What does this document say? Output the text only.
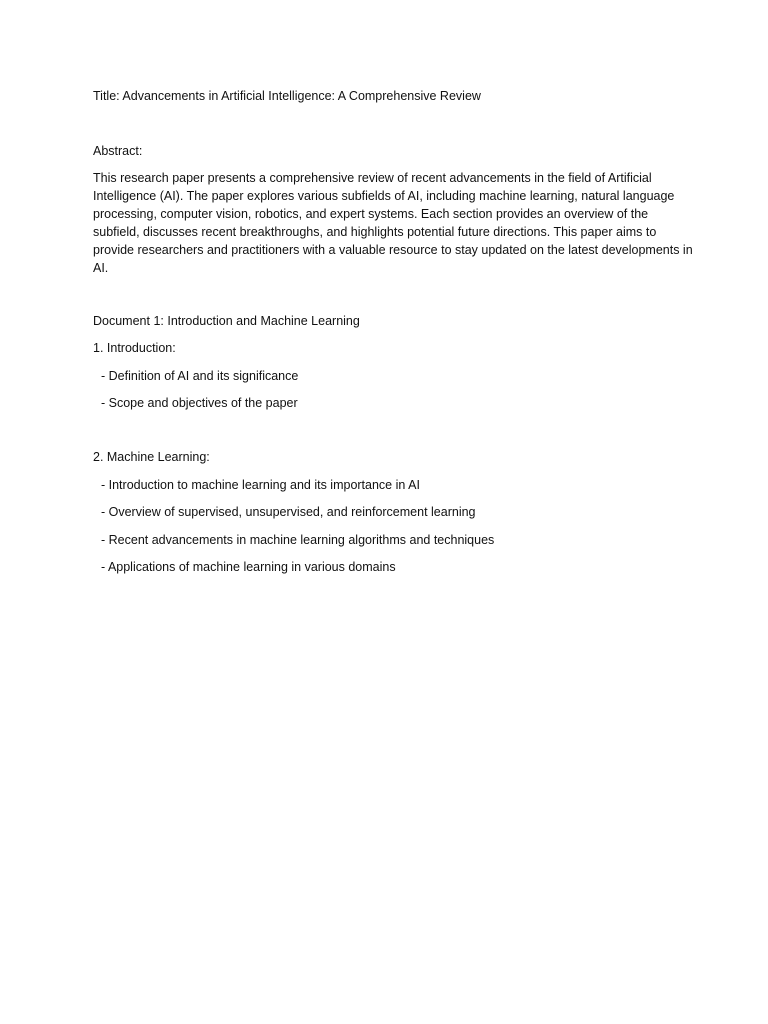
Title: Advancements in Artificial Intelligence: A Comprehensive Review

Abstract:

This research paper presents a comprehensive review of recent advancements in the field of Artificial Intelligence (AI). The paper explores various subfields of AI, including machine learning, natural language processing, computer vision, robotics, and expert systems. Each section provides an overview of the subfield, discusses recent breakthroughs, and highlights potential future directions. This paper aims to provide researchers and practitioners with a valuable resource to stay updated on the latest developments in AI.

Document 1: Introduction and Machine Learning

1. Introduction:

- Definition of AI and its significance

- Scope and objectives of the paper

2. Machine Learning:

- Introduction to machine learning and its importance in AI

- Overview of supervised, unsupervised, and reinforcement learning

- Recent advancements in machine learning algorithms and techniques

- Applications of machine learning in various domains
